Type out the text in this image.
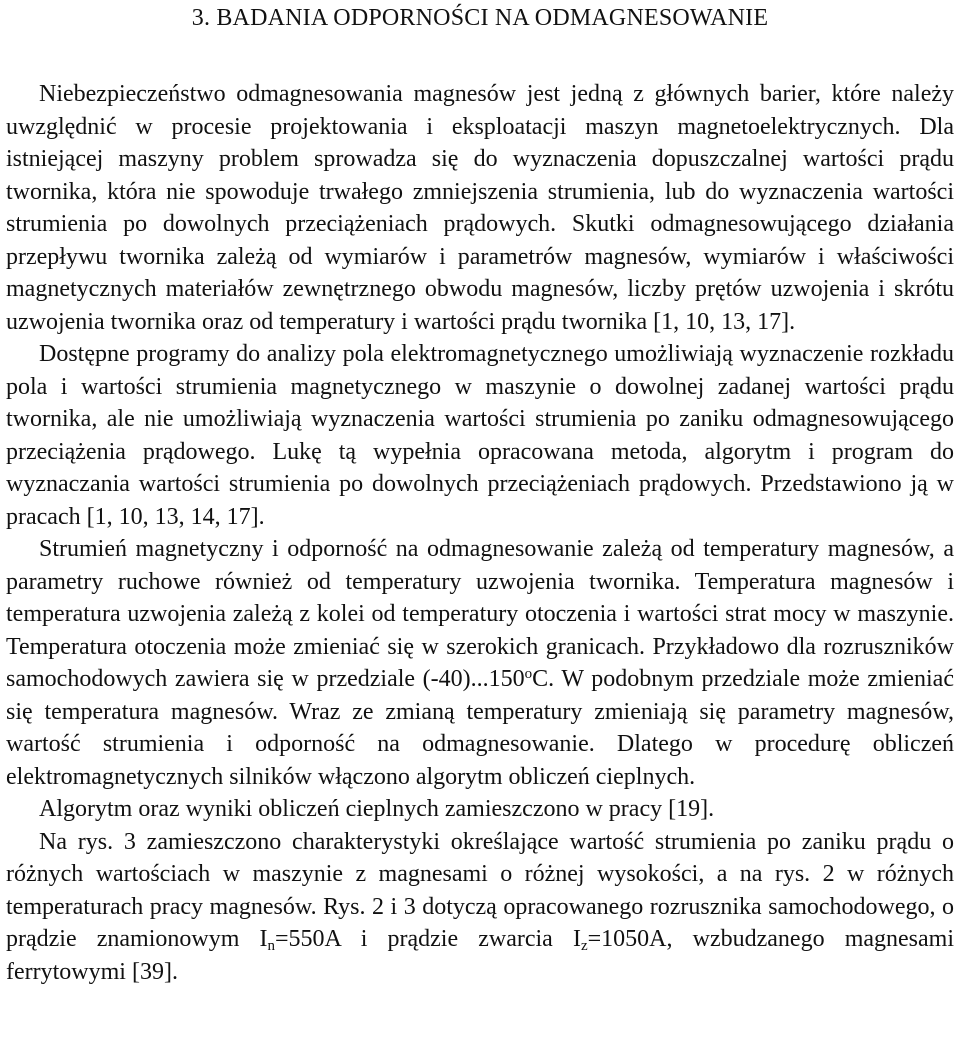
3. BADANIA ODPORNOŚCI NA ODMAGNESOWANIE

Niebezpieczeństwo odmagnesowania magnesów jest jedną z głównych barier, które należy uwzględnić w procesie projektowania i eksploatacji maszyn magnetoelektrycznych. Dla istniejącej maszyny problem sprowadza się do wyznaczenia dopuszczalnej wartości prądu twornika, która nie spowoduje trwałego zmniejszenia strumienia, lub do wyznaczenia wartości strumienia po dowolnych przeciążeniach prądowych. Skutki odmagnesowującego działania przepływu twornika zależą od wymiarów i parametrów magnesów, wymiarów i właściwości magnetycznych materiałów zewnętrznego obwodu magnesów, liczby prętów uzwojenia i skrótu uzwojenia twornika oraz od temperatury i wartości prądu twornika [1, 10, 13, 17].

Dostępne programy do analizy pola elektromagnetycznego umożliwiają wyznaczenie rozkładu pola i wartości strumienia magnetycznego w maszynie o dowolnej zadanej wartości prądu twornika, ale nie umożliwiają wyznaczenia wartości strumienia po zaniku odmagnesowującego przeciążenia prądowego. Lukę tą wypełnia opracowana metoda, algorytm i program do wyznaczania wartości strumienia po dowolnych przeciążeniach prądowych. Przedstawiono ją w pracach [1, 10, 13, 14, 17].

Strumień magnetyczny i odporność na odmagnesowanie zależą od temperatury magnesów, a parametry ruchowe również od temperatury uzwojenia twornika. Temperatura magnesów i temperatura uzwojenia zależą z kolei od temperatury otoczenia i wartości strat mocy w maszynie. Temperatura otoczenia może zmieniać się w szerokich granicach. Przykładowo dla rozruszników samochodowych zawiera się w przedziale (-40)...150$^o$C. W podobnym przedziale może zmieniać się temperatura magnesów. Wraz ze zmianą temperatury zmieniają się parametry magnesów, wartość strumienia i odporność na odmagnesowanie. Dlatego w procedurę obliczeń elektromagnetycznych silników włączono algorytm obliczeń cieplnych.

Algorytm oraz wyniki obliczeń cieplnych zamieszczono w pracy [19].

Na rys. 3 zamieszczono charakterystyki określające wartość strumienia po zaniku prądu o różnych wartościach w maszynie z magnesami o różnej wysokości, a na rys. 2 w różnych temperaturach pracy magnesów. Rys. 2 i 3 dotyczą opracowanego rozrusznika samochodowego, o prądzie znamionowym $I_n=550A$ i prądzie zwarcia $I_z=1050A$, wzbudzanego magnesami ferrytowymi [39].
